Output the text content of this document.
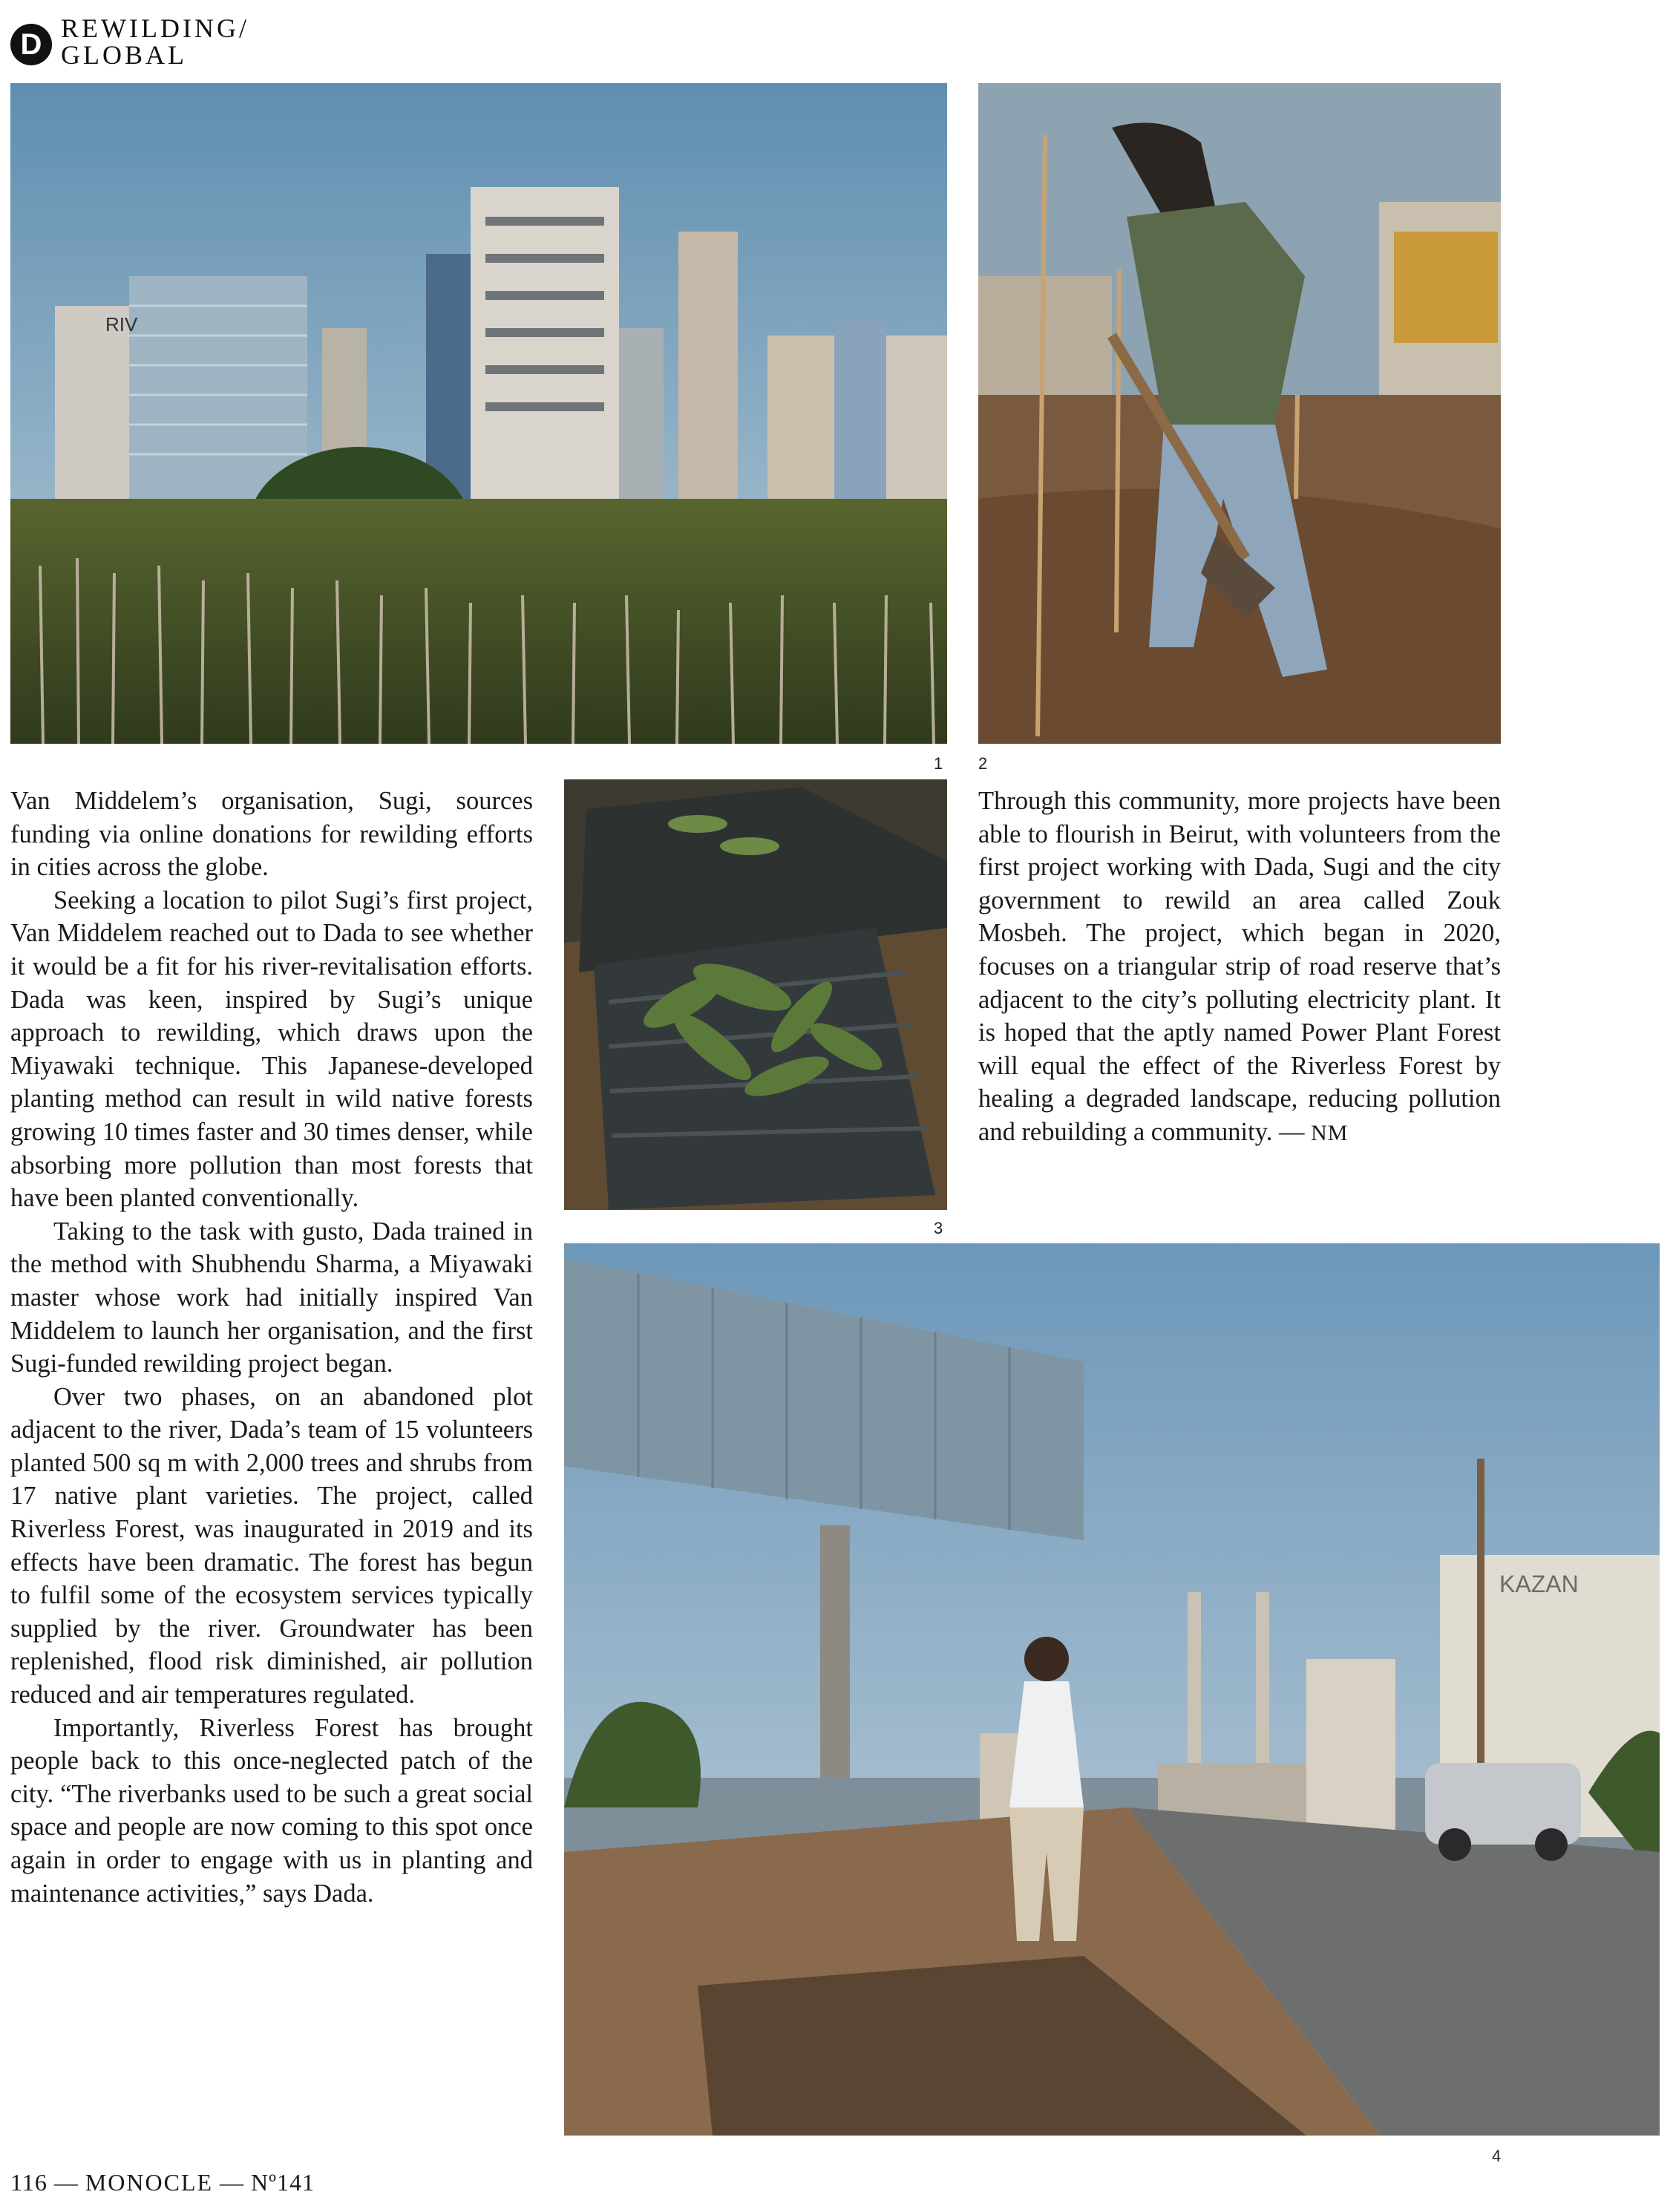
D REWILDING/
GLOBAL
RIV
KAZAN
1 2
3
4

Van Middelem’s organisation, Sugi, sources funding via online donations for rewilding efforts in cities across the globe.

Seeking a location to pilot Sugi’s first project, Van Middelem reached out to Dada to see whether it would be a fit for his river-revitalisation efforts. Dada was keen, inspired by Sugi’s unique approach to rewilding, which draws upon the Miyawaki technique. This Japanese-developed planting method can result in wild native forests growing 10 times faster and 30 times denser, while absorbing more pollution than most forests that have been planted conventionally.

Taking to the task with gusto, Dada trained in the method with Shubhendu Sharma, a Miyawaki master whose work had initially inspired Van Middelem to launch her organisation, and the first Sugi-funded rewilding project began.

Over two phases, on an abandoned plot adjacent to the river, Dada’s team of 15 volunteers planted 500 sq m with 2,000 trees and shrubs from 17 native plant varieties. The project, called Riverless Forest, was inaugurated in 2019 and its effects have been dramatic. The forest has begun to fulfil some of the ecosystem services typically supplied by the river. Groundwater has been replenished, flood risk diminished, air pollution reduced and air temperatures regulated.

Importantly, Riverless Forest has brought people back to this once-neglected patch of the city. “The riverbanks used to be such a great social space and people are now coming to this spot once again in order to engage with us in planting and maintenance activities,” says Dada.

Through this community, more projects have been able to flourish in Beirut, with volunteers from the first project working with Dada, Sugi and the city government to rewild an area called Zouk Mosbeh. The project, which began in 2020, focuses on a triangular strip of road reserve that’s adjacent to the city’s polluting electricity plant. It is hoped that the aptly named Power Plant Forest will equal the effect of the Riverless Forest by healing a degraded landscape, reducing pollution and rebuilding a community. — NM

116 — MONOCLE — Nº141
